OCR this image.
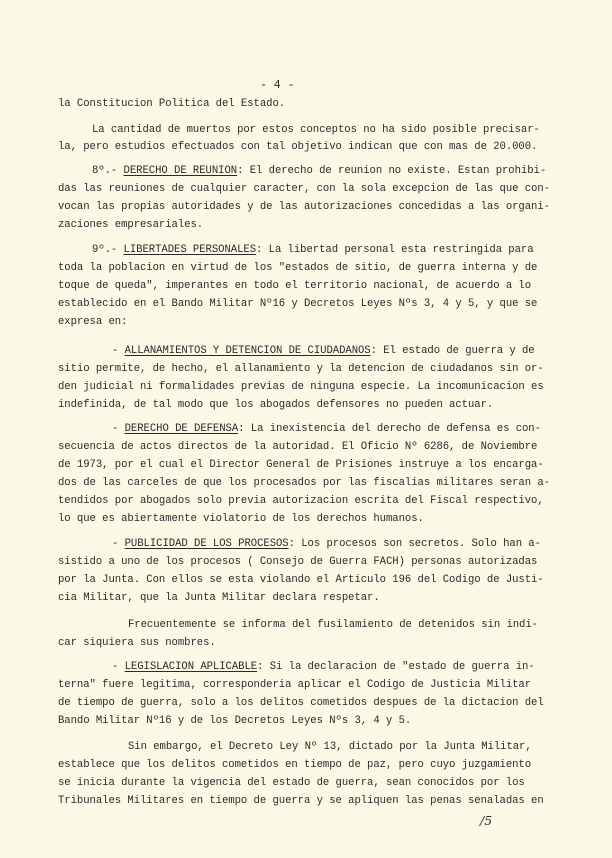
- 4 -
la Constitucion Politica del Estado.
La cantidad de muertos por estos conceptos no ha sido posible precisar-
la, pero estudios efectuados con tal objetivo indican que con mas de 20.000.
8º.- DERECHO DE REUNION: El derecho de reunion no existe. Estan prohibi-
das las reuniones de cualquier caracter, con la sola excepcion de las que con-
vocan las propias autoridades y de las autorizaciones concedidas a las organi-
zaciones empresariales.
9º.- LIBERTADES PERSONALES: La libertad personal esta restringida para
toda la poblacion en virtud de los "estados de sitio, de guerra interna y de
toque de queda", imperantes en todo el territorio nacional, de acuerdo a lo
establecido en el Bando Militar Nº16 y Decretos Leyes Nºs 3, 4 y 5, y que se
expresa en:
- ALLANAMIENTOS Y DETENCION DE CIUDADANOS: El estado de guerra y de
sitio permite, de hecho, el allanamiento y la detencion de ciudadanos sin or-
den judicial ni formalidades previas de ninguna especie. La incomunicacion es
indefinida, de tal modo que los abogados defensores no pueden actuar.
- DERECHO DE DEFENSA: La inexistencia del derecho de defensa es con-
secuencia de actos directos de la autoridad. El Oficio Nº 6286, de Noviembre
de 1973, por el cual el Director General de Prisiones instruye a los encarga-
dos de las carceles de que los procesados por las fiscalias militares seran a-
tendidos por abogados solo previa autorizacion escrita del Fiscal respectivo,
lo que es abiertamente violatorio de los derechos humanos.
- PUBLICIDAD DE LOS PROCESOS: Los procesos son secretos. Solo han a-
sistido a uno de los procesos ( Consejo de Guerra FACH) personas autorizadas
por la Junta. Con ellos se esta violando el Articulo 196 del Codigo de Justi-
cia Militar, que la Junta Militar declara respetar.
Frecuentemente se informa del fusilamiento de detenidos sin indi-
car siquiera sus nombres.
- LEGISLACION APLICABLE: Si la declaracion de "estado de guerra in-
terna" fuere legitima, corresponderia aplicar el Codigo de Justicia Militar
de tiempo de guerra, solo a los delitos cometidos despues de la dictacion del
Bando Militar Nº16 y de los Decretos Leyes Nºs 3, 4 y 5.
Sin embargo, el Decreto Ley Nº 13, dictado por la Junta Militar,
establece que los delitos cometidos en tiempo de paz, pero cuyo juzgamiento
se inicia durante la vigencia del estado de guerra, sean conocidos por los
Tribunales Militares en tiempo de guerra y se apliquen las penas senaladas en
/5
